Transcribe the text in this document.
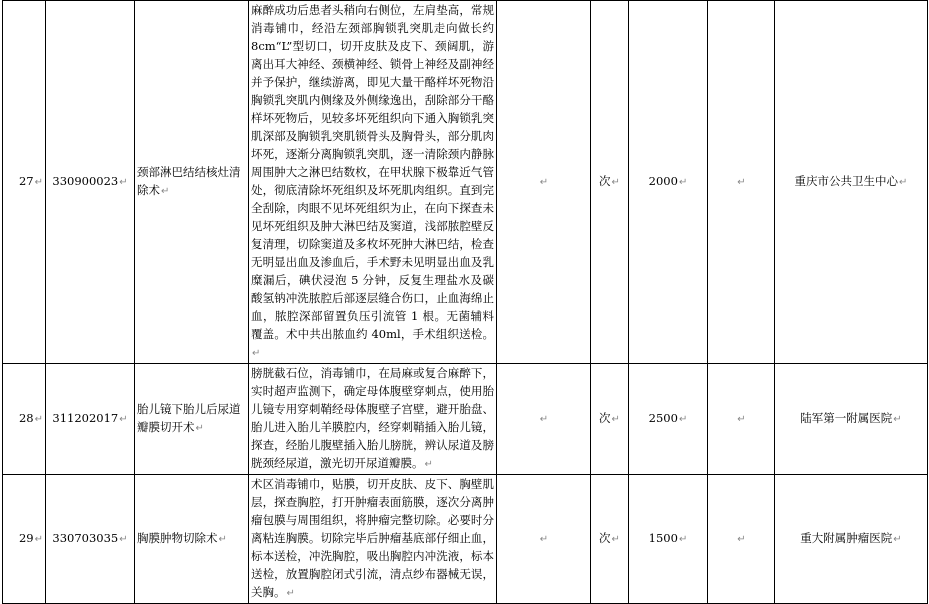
27↵	330900023↵	颈部淋巴结结核灶清除术↵	麻醉成功后患者头稍向右侧位，左肩垫高，常规消毒铺巾，经沿左颈部胸锁乳突肌走向做长约 8cm“L”型切口，切开皮肤及皮下、颈阔肌，游离出耳大神经、颈横神经、锁骨上神经及副神经并予保护，继续游离，即见大量干酪样坏死物沿胸锁乳突肌内侧缘及外侧缘逸出，刮除部分干酪样坏死物后，见较多坏死组织向下通入胸锁乳突肌深部及胸锁乳突肌锁骨头及胸骨头，部分肌肉坏死，逐渐分离胸锁乳突肌，逐一清除颈内静脉周围肿大之淋巴结数枚，在甲状腺下极靠近气管处，彻底清除坏死组织及坏死肌肉组织。直到完全刮除，肉眼不见坏死组织为止，在向下探查未见坏死组织及肿大淋巴结及窦道，浅部脓腔壁反复清理，切除窦道及多枚坏死肿大淋巴结，检查无明显出血及渗血后，手术野未见明显出血及乳糜漏后，碘伏浸泡 5 分钟，反复生理盐水及碳酸氢钠冲洗脓腔后部逐层缝合伤口，止血海绵止血，脓腔深部留置负压引流管 1 根。无菌辅料覆盖。术中共出脓血约 40ml，手术组织送检。↵	↵	次↵	2000↵	↵	重庆市公共卫生中心↵
28↵	311202017↵	胎儿镜下胎儿后尿道瓣膜切开术↵	膀胱截石位，消毒铺巾，在局麻或复合麻醉下，实时超声监测下，确定母体腹壁穿刺点，使用胎儿镜专用穿刺鞘经母体腹壁子宫壁，避开胎盘、胎儿进入胎儿羊膜腔内，经穿刺鞘插入胎儿镜，探查，经胎儿腹壁插入胎儿膀胱，辨认尿道及膀胱颈经尿道，激光切开尿道瓣膜。↵	↵	次↵	2500↵	↵	陆军第一附属医院↵
29↵	330703035↵	胸膜肿物切除术↵	术区消毒铺巾，贴膜，切开皮肤、皮下、胸壁肌层，探查胸腔，打开肿瘤表面筋膜，逐次分离肿瘤包膜与周围组织，将肿瘤完整切除。必要时分离粘连胸膜。切除完毕后肿瘤基底部仔细止血，标本送检，冲洗胸腔，吸出胸腔内冲洗液，标本送检，放置胸腔闭式引流，清点纱布器械无误，关胸。↵	↵	次↵	1500↵	↵	重大附属肿瘤医院↵
